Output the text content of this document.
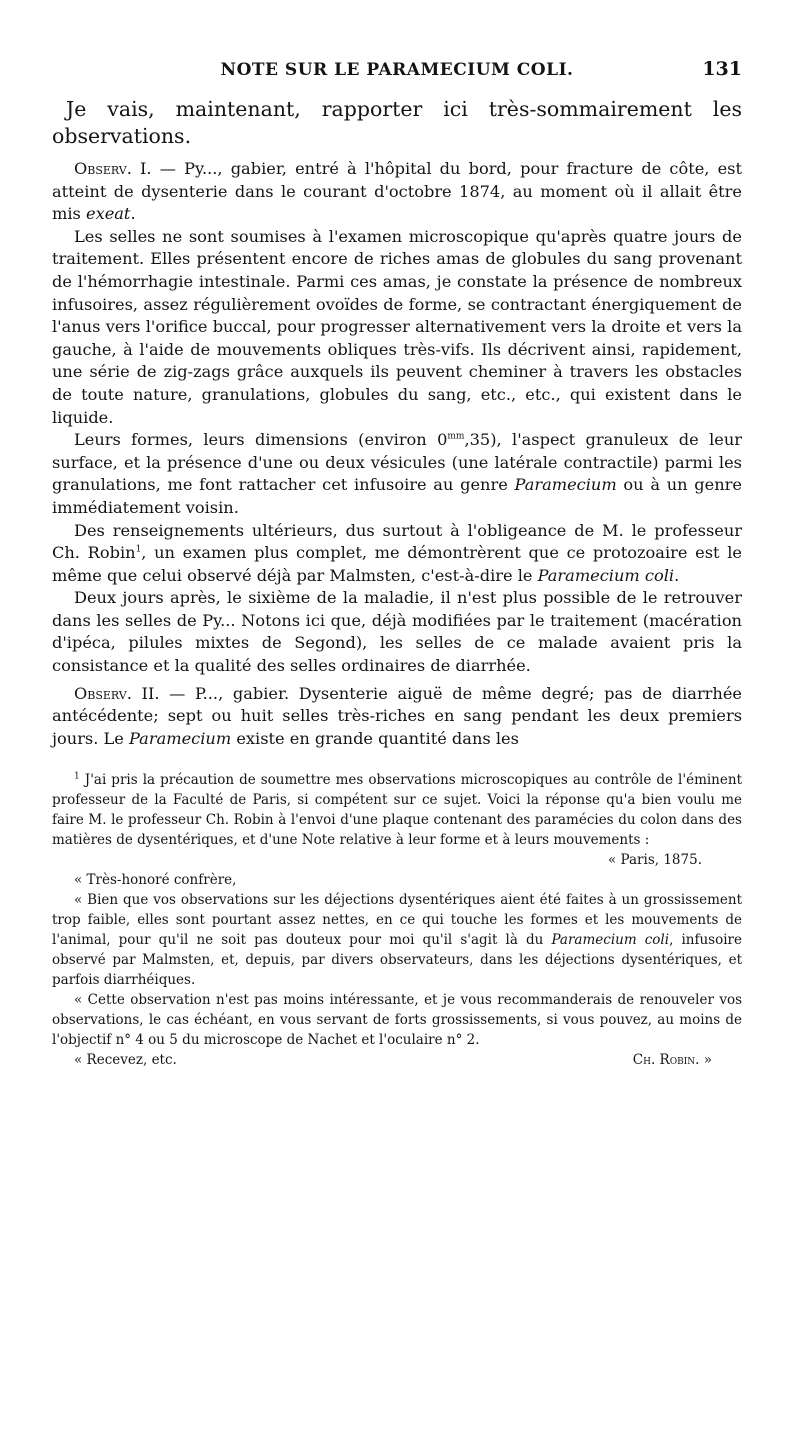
NOTE SUR LE PARAMECIUM COLI.	131

Je vais, maintenant, rapporter ici très-sommairement les observations.

Observ. I. — Py..., gabier, entré à l'hôpital du bord, pour fracture de côte, est atteint de dysenterie dans le courant d'octobre 1874, au moment où il allait être mis exeat.

Les selles ne sont soumises à l'examen microscopique qu'après quatre jours de traitement. Elles présentent encore de riches amas de globules du sang provenant de l'hémorrhagie intestinale. Parmi ces amas, je constate la présence de nombreux infusoires, assez régulièrement ovoïdes de forme, se contractant énergiquement de l'anus vers l'orifice buccal, pour progresser alternativement vers la droite et vers la gauche, à l'aide de mouvements obliques très-vifs. Ils décrivent ainsi, rapidement, une série de zig-zags grâce auxquels ils peuvent cheminer à travers les obstacles de toute nature, granulations, globules du sang, etc., etc., qui existent dans le liquide.

Leurs formes, leurs dimensions (environ $0^{mm},35$), l'aspect granuleux de leur surface, et la présence d'une ou deux vésicules (une latérale contractile) parmi les granulations, me font rattacher cet infusoire au genre Paramecium ou à un genre immédiatement voisin.

Des renseignements ultérieurs, dus surtout à l'obligeance de M. le professeur Ch. Robin$^1$, un examen plus complet, me démontrèrent que ce protozoaire est le même que celui observé déjà par Malmsten, c'est-à-dire le Paramecium coli.

Deux jours après, le sixième de la maladie, il n'est plus possible de le retrouver dans les selles de Py... Notons ici que, déjà modifiées par le traitement (macération d'ipéca, pilules mixtes de Segond), les selles de ce malade avaient pris la consistance et la qualité des selles ordinaires de diarrhée.

Observ. II. — P..., gabier. Dysenterie aiguë de même degré; pas de diarrhée antécédente; sept ou huit selles très-riches en sang pendant les deux premiers jours. Le Paramecium existe en grande quantité dans les

$^1$ J'ai pris la précaution de soumettre mes observations microscopiques au contrôle de l'éminent professeur de la Faculté de Paris, si compétent sur ce sujet. Voici la réponse qu'a bien voulu me faire M. le professeur Ch. Robin à l'envoi d'une plaque contenant des paramécies du colon dans des matières de dysentériques, et d'une Note relative à leur forme et à leurs mouvements :

« Paris, 1875.

« Très-honoré confrère,

« Bien que vos observations sur les déjections dysentériques aient été faites à un grossissement trop faible, elles sont pourtant assez nettes, en ce qui touche les formes et les mouvements de l'animal, pour qu'il ne soit pas douteux pour moi qu'il s'agit là du Paramecium coli, infusoire observé par Malmsten, et, depuis, par divers observateurs, dans les déjections dysentériques, et parfois diarrhéiques.

« Cette observation n'est pas moins intéressante, et je vous recommanderais de renouveler vos observations, le cas échéant, en vous servant de forts grossissements, si vous pouvez, au moins de l'objectif n° 4 ou 5 du microscope de Nachet et l'oculaire n° 2.

« Recevez, etc.	Ch. Robin. »
